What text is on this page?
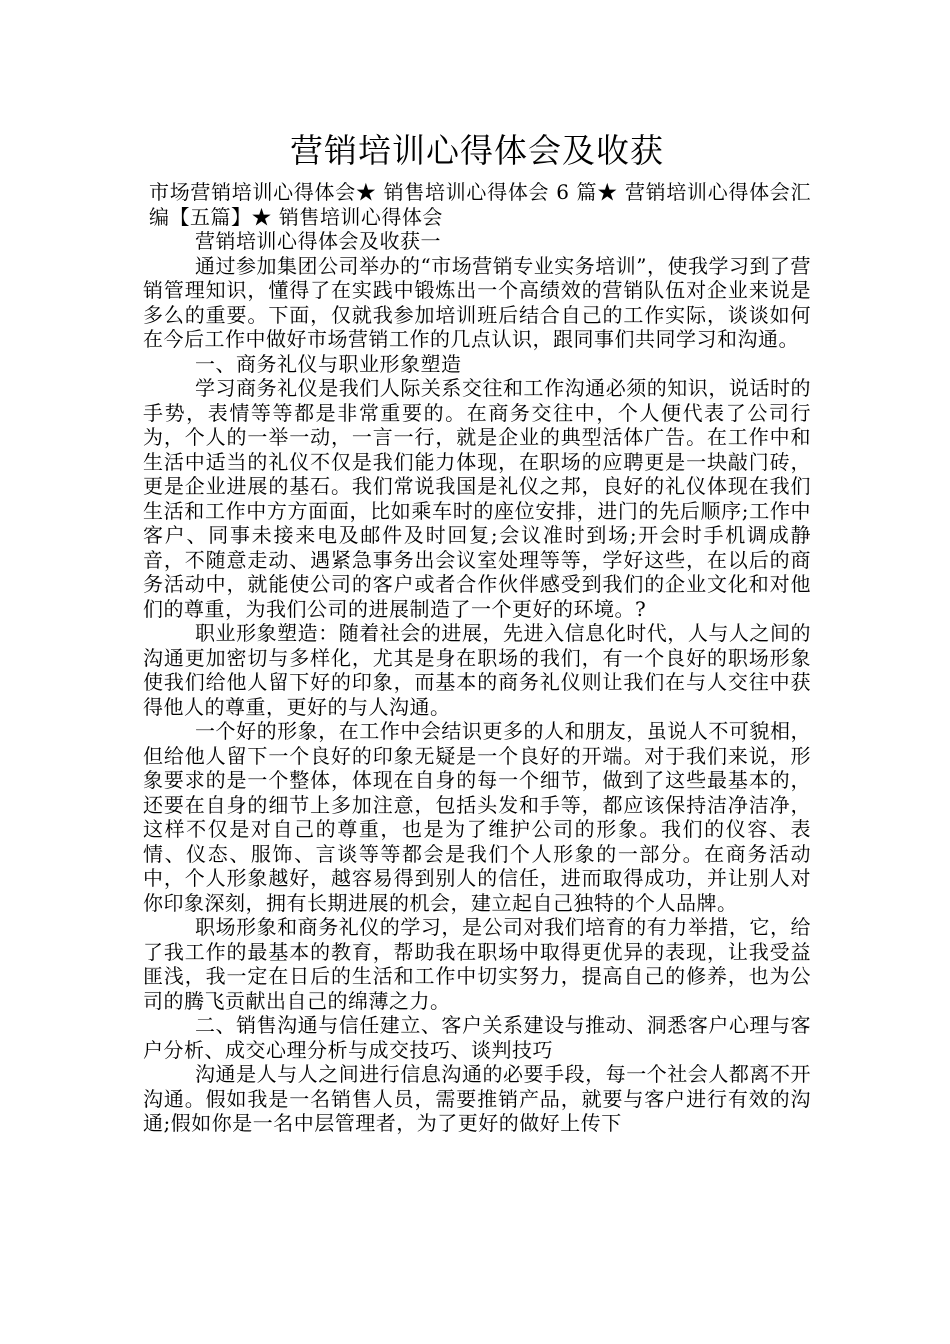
营销培训心得体会及收获

市场营销培训心得体会★ 销售培训心得体会 6 篇★ 营销培训心得体会汇编【五篇】★ 销售培训心得体会

营销培训心得体会及收获一

通过参加集团公司举办的“市场营销专业实务培训”，使我学习到了营销管理知识，懂得了在实践中锻炼出一个高绩效的营销队伍对企业来说是多么的重要。下面，仅就我参加培训班后结合自己的工作实际，谈谈如何在今后工作中做好市场营销工作的几点认识，跟同事们共同学习和沟通。

一、商务礼仪与职业形象塑造

学习商务礼仪是我们人际关系交往和工作沟通必须的知识，说话时的手势，表情等等都是非常重要的。在商务交往中，个人便代表了公司行为，个人的一举一动，一言一行，就是企业的典型活体广告。在工作中和生活中适当的礼仪不仅是我们能力体现，在职场的应聘更是一块敲门砖，更是企业进展的基石。我们常说我国是礼仪之邦，良好的礼仪体现在我们生活和工作中方方面面，比如乘车时的座位安排，进门的先后顺序;工作中客户、同事未接来电及邮件及时回复;会议准时到场;开会时手机调成静音，不随意走动、遇紧急事务出会议室处理等等，学好这些，在以后的商务活动中，就能使公司的客户或者合作伙伴感受到我们的企业文化和对他们的尊重，为我们公司的进展制造了一个更好的环境。?

职业形象塑造：随着社会的进展，先进入信息化时代，人与人之间的沟通更加密切与多样化，尤其是身在职场的我们，有一个良好的职场形象使我们给他人留下好的印象，而基本的商务礼仪则让我们在与人交往中获得他人的尊重，更好的与人沟通。

一个好的形象，在工作中会结识更多的人和朋友，虽说人不可貌相，但给他人留下一个良好的印象无疑是一个良好的开端。对于我们来说，形象要求的是一个整体，体现在自身的每一个细节，做到了这些最基本的，还要在自身的细节上多加注意，包括头发和手等，都应该保持洁净洁净，这样不仅是对自己的尊重，也是为了维护公司的形象。我们的仪容、表情、仪态、服饰、言谈等等都会是我们个人形象的一部分。在商务活动中，个人形象越好，越容易得到别人的信任，进而取得成功，并让别人对你印象深刻，拥有长期进展的机会，建立起自己独特的个人品牌。

职场形象和商务礼仪的学习，是公司对我们培育的有力举措，它，给了我工作的最基本的教育，帮助我在职场中取得更优异的表现，让我受益匪浅，我一定在日后的生活和工作中切实努力，提高自己的修养，也为公司的腾飞贡献出自己的绵薄之力。

二、销售沟通与信任建立、客户关系建设与推动、洞悉客户心理与客户分析、成交心理分析与成交技巧、谈判技巧

沟通是人与人之间进行信息沟通的必要手段，每一个社会人都离不开沟通。假如我是一名销售人员，需要推销产品，就要与客户进行有效的沟通;假如你是一名中层管理者，为了更好的做好上传下
